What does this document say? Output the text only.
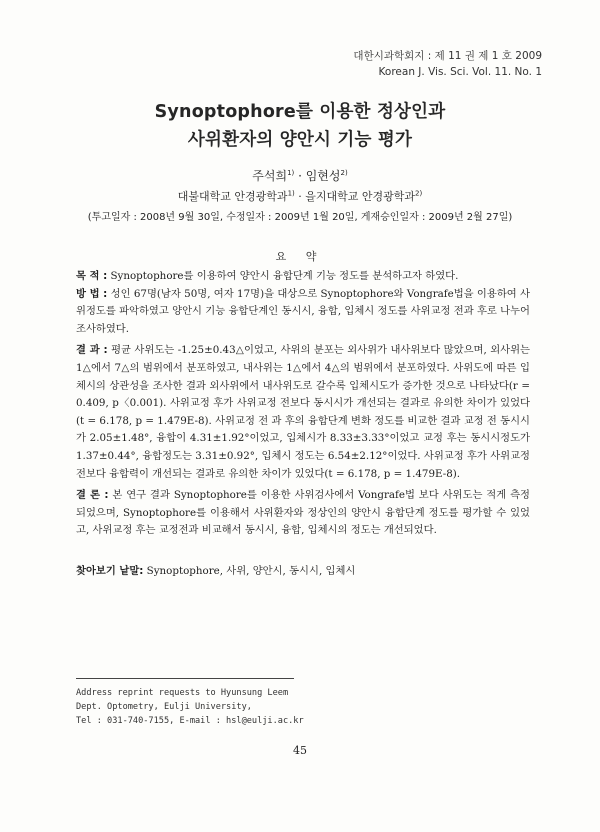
대한시과학회지 : 제 11 권 제 1 호 2009
Korean J. Vis. Sci. Vol. 11. No. 1
Synoptophore를 이용한 정상인과
사위환자의 양안시 기능 평가
주석희$^{1)}$ · 임현성$^{2)}$
대불대학교 안경광학과$^{1)}$ · 을지대학교 안경광학과$^{2)}$
(투고일자 : 2008년 9월 30일, 수정일자 : 2009년 1월 20일, 게재승인일자 : 2009년 2월 27일)
요 약

목 적 : Synoptophore를 이용하여 양안시 융합단계 기능 정도를 분석하고자 하였다.

방 법 : 성인 67명(남자 50명, 여자 17명)을 대상으로 Synoptophore와 Vongrafe법을 이용하여 사위정도를 파악하였고 양안시 기능 융합단계인 동시시, 융합, 입체시 정도를 사위교정 전과 후로 나누어 조사하였다.

결 과 : 평균 사위도는 -1.25±0.43△이었고, 사위의 분포는 외사위가 내사위보다 많았으며, 외사위는 1△에서 7△의 범위에서 분포하였고, 내사위는 1△에서 4△의 범위에서 분포하였다. 사위도에 따른 입체시의 상관성을 조사한 결과 외사위에서 내사위도로 갈수록 입체시도가 증가한 것으로 나타났다(r = 0.409, p〈0.001). 사위교정 후가 사위교정 전보다 동시시가 개선되는 결과로 유의한 차이가 있었다(t = 6.178, p = 1.479E-8). 사위교정 전 과 후의 융합단계 변화 정도를 비교한 결과 교정 전 동시시가 2.05±1.48°, 융합이 4.31±1.92°이었고, 입체시가 8.33±3.33°이었고 교정 후는 동시시정도가 1.37±0.44°, 융합정도는 3.31±0.92°, 입체시 정도는 6.54±2.12°이었다. 사위교정 후가 사위교정 전보다 융합력이 개선되는 결과로 유의한 차이가 있었다(t = 6.178, p = 1.479E-8).

결 론 : 본 연구 결과 Synoptophore를 이용한 사위검사에서 Vongrafe법 보다 사위도는 적게 측정되었으며, Synoptophore를 이용해서 사위환자와 정상인의 양안시 융합단계 정도를 평가할 수 있었고, 사위교정 후는 교정전과 비교해서 동시시, 융합, 입체시의 정도는 개선되었다.

찾아보기 낱말: Synoptophore, 사위, 양안시, 동시시, 입체시
Address reprint requests to Hyunsung Leem
Dept. Optometry, Eulji University,
Tel : 031-740-7155, E-mail : hsl@eulji.ac.kr
45
